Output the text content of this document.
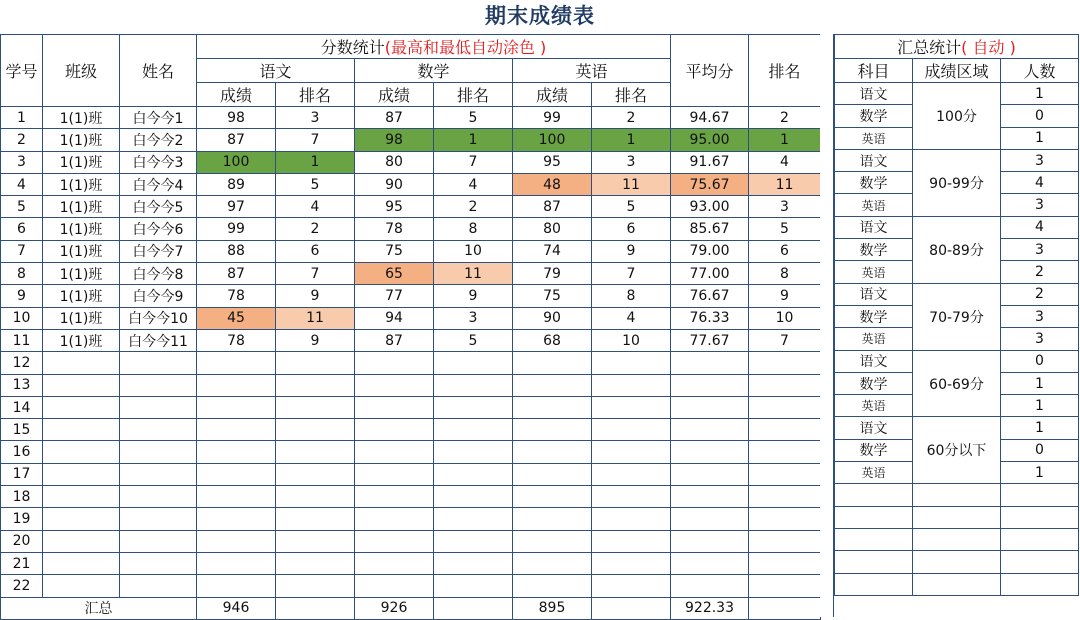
期末成绩表
学号	班级	姓名	分数统计(最高和最低自动涂色 )						平均分	排名
			语文		数学		英语			
			成绩	排名	成绩	排名	成绩	排名		
1	1(1)班	白今今1	98	3	87	5	99	2	94.67	2
2	1(1)班	白今今2	87	7	98	1	100	1	95.00	1
3	1(1)班	白今今3	100	1	80	7	95	3	91.67	4
4	1(1)班	白今今4	89	5	90	4	48	11	75.67	11
5	1(1)班	白今今5	97	4	95	2	87	5	93.00	3
6	1(1)班	白今今6	99	2	78	8	80	6	85.67	5
7	1(1)班	白今今7	88	6	75	10	74	9	79.00	6
8	1(1)班	白今今8	87	7	65	11	79	7	77.00	8
9	1(1)班	白今今9	78	9	77	9	75	8	76.67	9
10	1(1)班	白今今10	45	11	94	3	90	4	76.33	10
11	1(1)班	白今今11	78	9	87	5	68	10	77.67	7
12										
13										
14										
15										
16										
17										
18										
19										
20										
21										
22										
汇总			946		926		895		922.33	
汇总统计( 自动 )		
科目	成绩区域	人数
语文	100分	1
数学		0
英语		1
语文	90-99分	3
数学		4
英语		3
语文	80-89分	4
数学		3
英语		2
语文	70-79分	2
数学		3
英语		3
语文	60-69分	0
数学		1
英语		1
语文	60分以下	1
数学		0
英语		1
